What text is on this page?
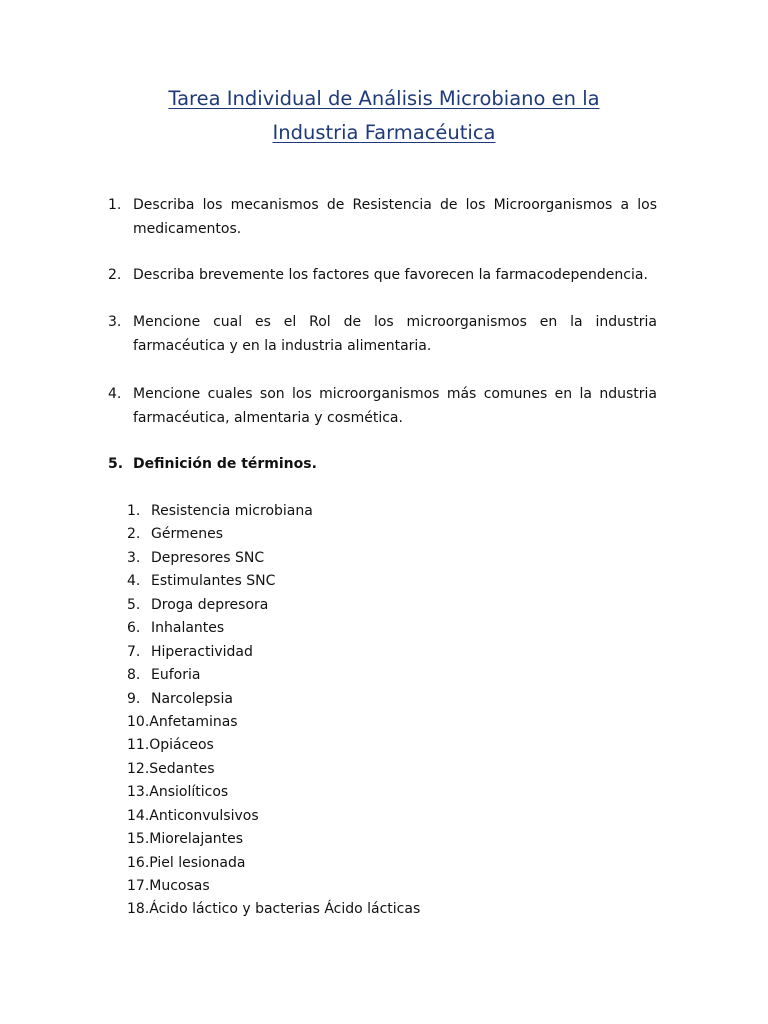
Tarea Individual de Análisis Microbiano en la
Industria Farmacéutica
1. Describa los mecanismos de Resistencia de los Microorganismos a los medicamentos.
2. Describa brevemente los factores que favorecen la farmacodependencia.
3. Mencione cual es el Rol de los microorganismos en la industria farmacéutica y en la industria alimentaria.
4. Mencione cuales son los microorganismos más comunes en la ndustria farmacéutica, almentaria y cosmética.
5. Definición de términos.
1. Resistencia microbiana
2. Gérmenes
3. Depresores SNC
4. Estimulantes SNC
5. Droga depresora
6. Inhalantes
7. Hiperactividad
8. Euforia
9. Narcolepsia
10.Anfetaminas
11.Opiáceos
12.Sedantes
13.Ansiolíticos
14.Anticonvulsivos
15.Miorelajantes
16.Piel lesionada
17.Mucosas
18.Ácido láctico y bacterias Ácido lácticas
